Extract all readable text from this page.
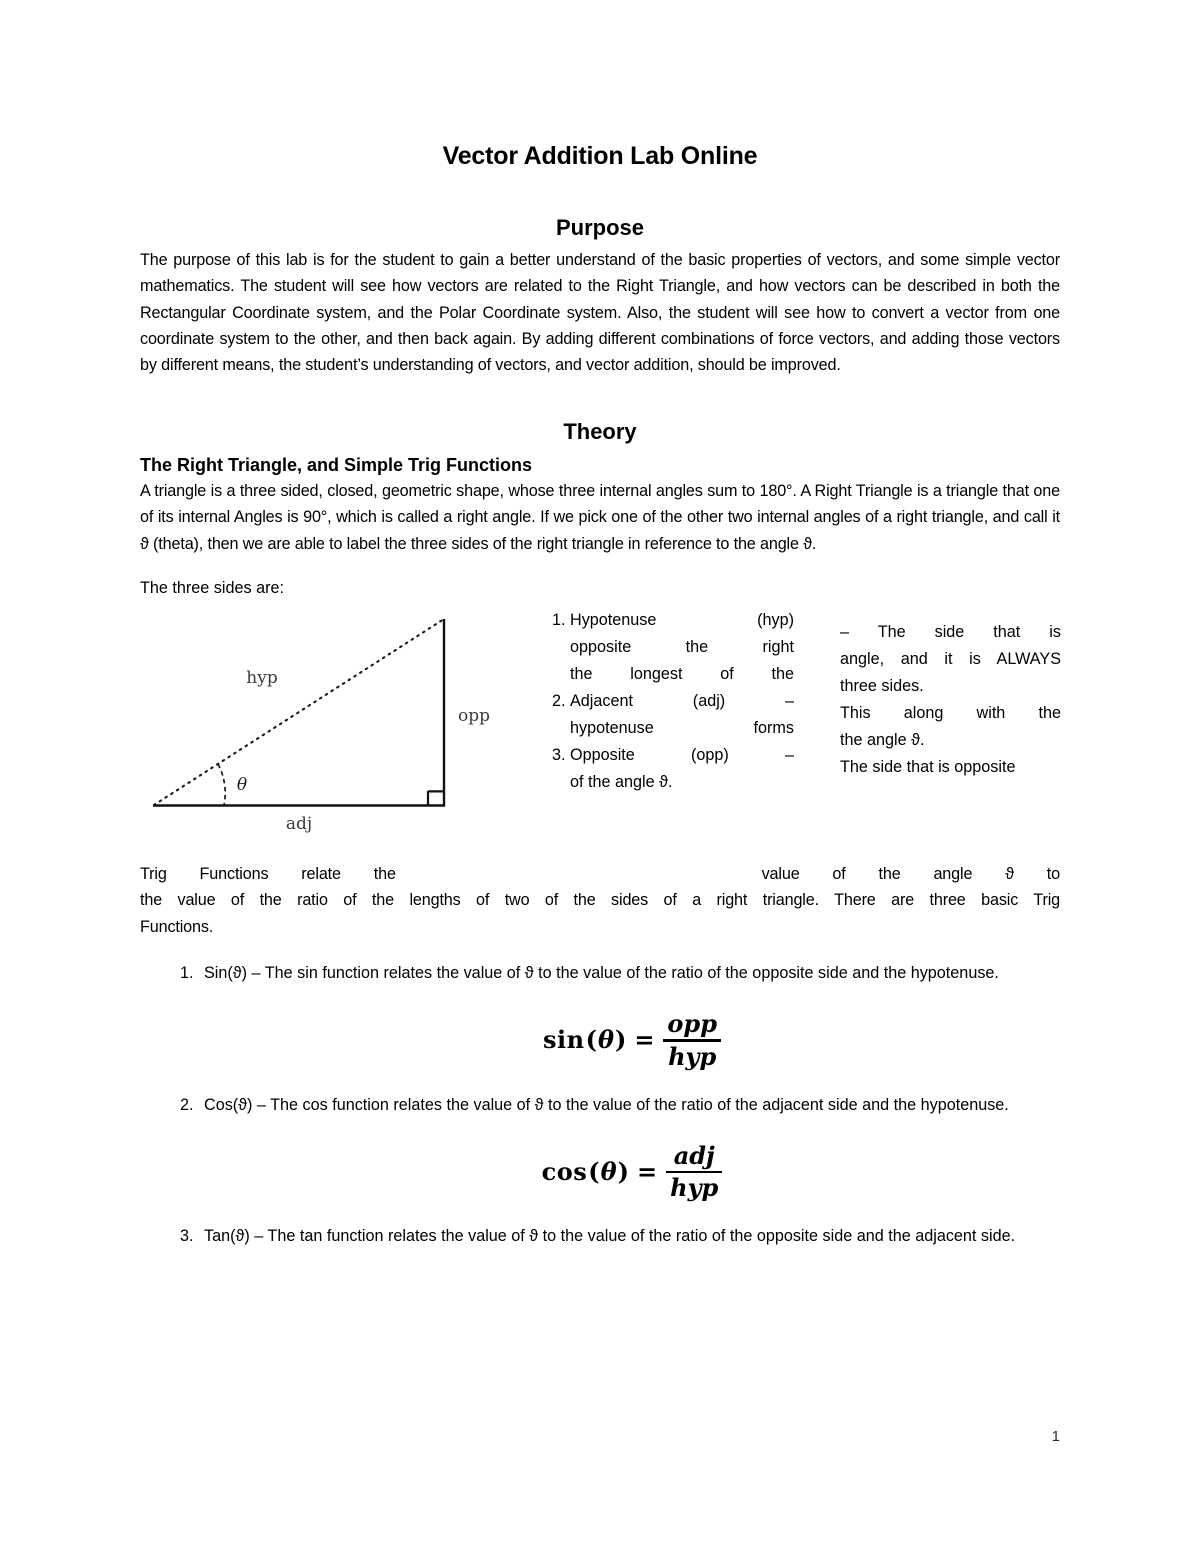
Vector Addition Lab Online
Purpose

The purpose of this lab is for the student to gain a better understand of the basic properties of vectors, and some simple vector mathematics. The student will see how vectors are related to the Right Triangle, and how vectors can be described in both the Rectangular Coordinate system, and the Polar Coordinate system. Also, the student will see how to convert a vector from one coordinate system to the other, and then back again. By adding different combinations of force vectors, and adding those vectors by different means, the student’s understanding of vectors, and vector addition, should be improved.

Theory
The Right Triangle, and Simple Trig Functions

A triangle is a three sided, closed, geometric shape, whose three internal angles sum to 180°. A Right Triangle is a triangle that one of its internal Angles is 90°, which is called a right angle. If we pick one of the other two internal angles of a right triangle, and call it ϑ (theta), then we are able to label the three sides of the right triangle in reference to the angle ϑ.

The three sides are:
hyp
opp
adj
θ
1. Hypotenuse (hyp)
opposite the right
the longest of the
2. Adjacent (adj) –
hypotenuse forms
3. Opposite (opp) –
of the angle ϑ.
– The side that is
angle, and it is ALWAYS
three sides.
This along with the
the angle ϑ.
The side that is opposite

Trig Functions relate the	value of the angle ϑ to
the value of the ratio of the lengths of two of the sides of a right triangle. There are three basic Trig
Functions.

1. Sin(ϑ) – The sin function relates the value of ϑ to the value of the ratio of the opposite side and the hypotenuse.
sin ( θ ) = $\frac{\text{opp}}{\text{hyp}}$
2. Cos(ϑ) – The cos function relates the value of ϑ to the value of the ratio of the adjacent side and the hypotenuse.
cos ( θ ) = $\frac{\text{adj}}{\text{hyp}}$
3. Tan(ϑ) – The tan function relates the value of ϑ to the value of the ratio of the opposite side and the adjacent side.
1
